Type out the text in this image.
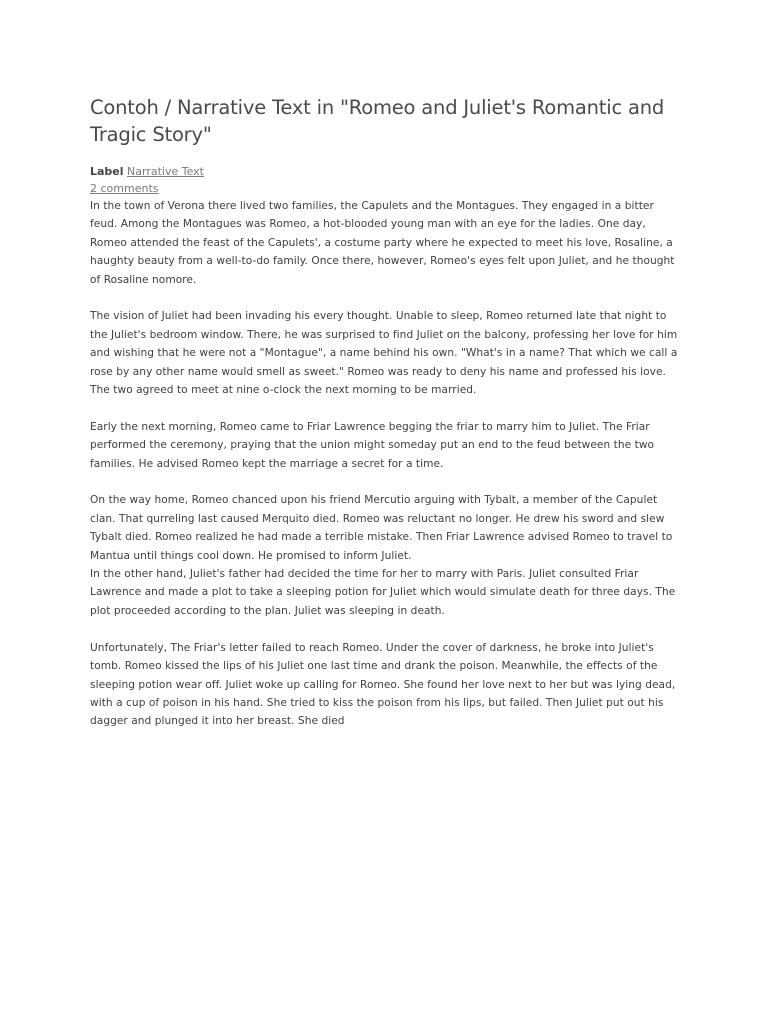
Contoh / Narrative Text in "Romeo and Juliet's Romantic and Tragic Story"
Label Narrative Text
2 comments
In the town of Verona there lived two families, the Capulets and the Montagues. They engaged in a bitter feud. Among the Montagues was Romeo, a hot-blooded young man with an eye for the ladies. One day, Romeo attended the feast of the Capulets', a costume party where he expected to meet his love, Rosaline, a haughty beauty from a well-to-do family. Once there, however, Romeo's eyes felt upon Juliet, and he thought of Rosaline nomore.
The vision of Juliet had been invading his every thought. Unable to sleep, Romeo returned late that night to the Juliet's bedroom window. There, he was surprised to find Juliet on the balcony, professing her love for him and wishing that he were not a "Montague", a name behind his own. "What's in a name? That which we call a rose by any other name would smell as sweet." Romeo was ready to deny his name and professed his love. The two agreed to meet at nine o-clock the next morning to be married.
Early the next morning, Romeo came to Friar Lawrence begging the friar to marry him to Juliet. The Friar performed the ceremony, praying that the union might someday put an end to the feud between the two families. He advised Romeo kept the marriage a secret for a time.
On the way home, Romeo chanced upon his friend Mercutio arguing with Tybalt, a member of the Capulet clan. That qurreling last caused Merquito died. Romeo was reluctant no longer. He drew his sword and slew Tybalt died. Romeo realized he had made a terrible mistake. Then Friar Lawrence advised Romeo to travel to Mantua until things cool down. He promised to inform Juliet.
In the other hand, Juliet's father had decided the time for her to marry with Paris. Juliet consulted Friar Lawrence and made a plot to take a sleeping potion for Juliet which would simulate death for three days. The plot proceeded according to the plan. Juliet was sleeping in death.
Unfortunately, The Friar's letter failed to reach Romeo. Under the cover of darkness, he broke into Juliet's tomb. Romeo kissed the lips of his Juliet one last time and drank the poison. Meanwhile, the effects of the sleeping potion wear off. Juliet woke up calling for Romeo. She found her love next to her but was lying dead, with a cup of poison in his hand. She tried to kiss the poison from his lips, but failed. Then Juliet put out his dagger and plunged it into her breast. She died
